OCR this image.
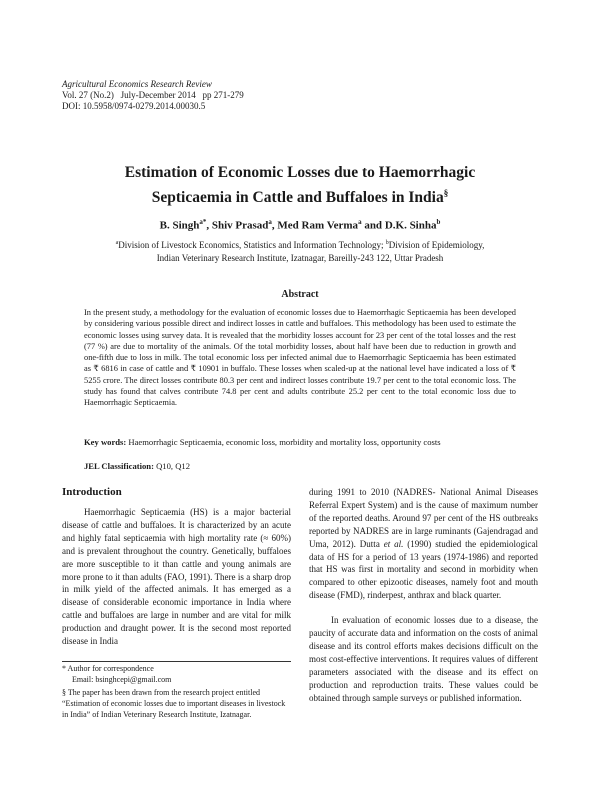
Agricultural Economics Research Review
Vol. 27 (No.2)   July-December 2014   pp 271-279
DOI: 10.5958/0974-0279.2014.00030.5
Estimation of Economic Losses due to Haemorrhagic
Septicaemia in Cattle and Buffaloes in India§
B. Singh$^{a*}$, Shiv Prasad$^a$, Med Ram Verma$^a$ and D.K. Sinha$^b$
$^a$Division of Livestock Economics, Statistics and Information Technology; $^b$Division of Epidemiology,
Indian Veterinary Research Institute, Izatnagar, Bareilly-243 122, Uttar Pradesh
Abstract
In the present study, a methodology for the evaluation of economic losses due to Haemorrhagic Septicaemia has been developed by considering various possible direct and indirect losses in cattle and buffaloes. This methodology has been used to estimate the economic losses using survey data. It is revealed that the morbidity losses account for 23 per cent of the total losses and the rest (77 %) are due to mortality of the animals. Of the total morbidity losses, about half have been due to reduction in growth and one-fifth due to loss in milk. The total economic loss per infected animal due to Haemorrhagic Septicaemia has been estimated as ₹ 6816 in case of cattle and ₹ 10901 in buffalo. These losses when scaled-up at the national level have indicated a loss of ₹ 5255 crore. The direct losses contribute 80.3 per cent and indirect losses contribute 19.7 per cent to the total economic loss. The study has found that calves contribute 74.8 per cent and adults contribute 25.2 per cent to the total economic loss due to Haemorrhagic Septicaemia.
Key words: Haemorrhagic Septicaemia, economic loss, morbidity and mortality loss, opportunity costs
JEL Classification: Q10, Q12
Introduction

Haemorrhagic Septicaemia (HS) is a major bacterial disease of cattle and buffaloes. It is characterized by an acute and highly fatal septicaemia with high mortality rate (≈ 60%) and is prevalent throughout the country. Genetically, buffaloes are more susceptible to it than cattle and young animals are more prone to it than adults (FAO, 1991). There is a sharp drop in milk yield of the affected animals. It has emerged as a disease of considerable economic importance in India where cattle and buffaloes are large in number and are vital for milk production and draught power. It is the second most reported disease in India

during 1991 to 2010 (NADRES- National Animal Diseases Referral Expert System) and is the cause of maximum number of the reported deaths. Around 97 per cent of the HS outbreaks reported by NADRES are in large ruminants (Gajendragad and Uma, 2012). Dutta et al. (1990) studied the epidemiological data of HS for a period of 13 years (1974-1986) and reported that HS was first in mortality and second in morbidity when compared to other epizootic diseases, namely foot and mouth disease (FMD), rinderpest, anthrax and black quarter.

In evaluation of economic losses due to a disease, the paucity of accurate data and information on the costs of animal disease and its control efforts makes decisions difficult on the most cost-effective interventions. It requires values of different parameters associated with the disease and its effect on production and reproduction traits. These values could be obtained through sample surveys or published information.

* Author for correspondence
Email: bsinghcepi@gmail.com
§ The paper has been drawn from the research project entitled “Estimation of economic losses due to important diseases in livestock in India” of Indian Veterinary Research Institute, Izatnagar.
